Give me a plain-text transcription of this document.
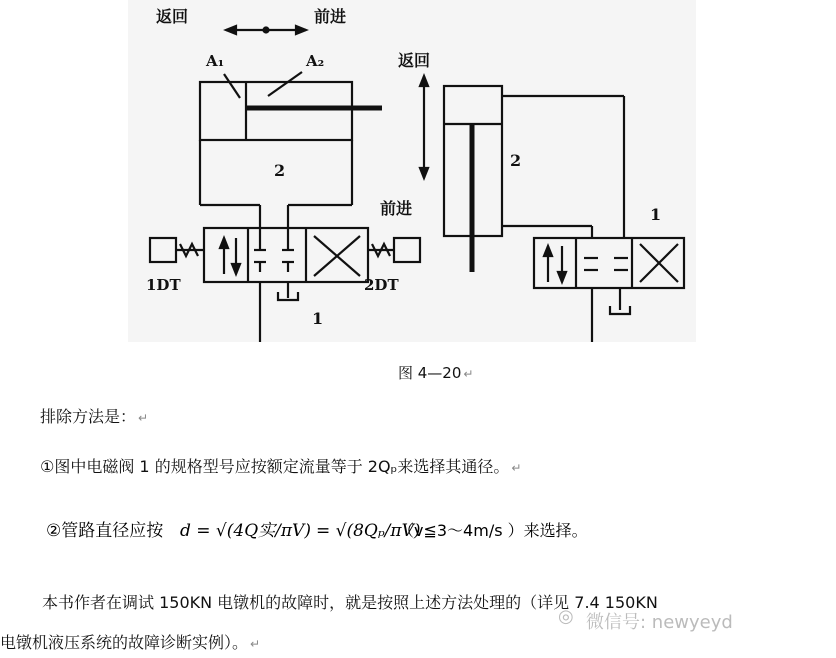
返回	前进
A₁	A₂
2
1
1DT	2DT
返回
前进
2
1
图 4—20 ↵
排除方法是： ↵
①图中电磁阀 1 的规格型号应按额定流量等于 2Qₚ来选择其通径。 ↵
②管路直径应按 d = √(4Q实/πV) = √(8Qₚ/πV)
（v≦3～4m/s ）来选择。
本书作者在调试 150KN 电镦机的故障时，就是按照上述方法处理的（详见 7.4 150KN
电镦机液压系统的故障诊断实例）。 ↵
◎ 微信号: newyeyd
